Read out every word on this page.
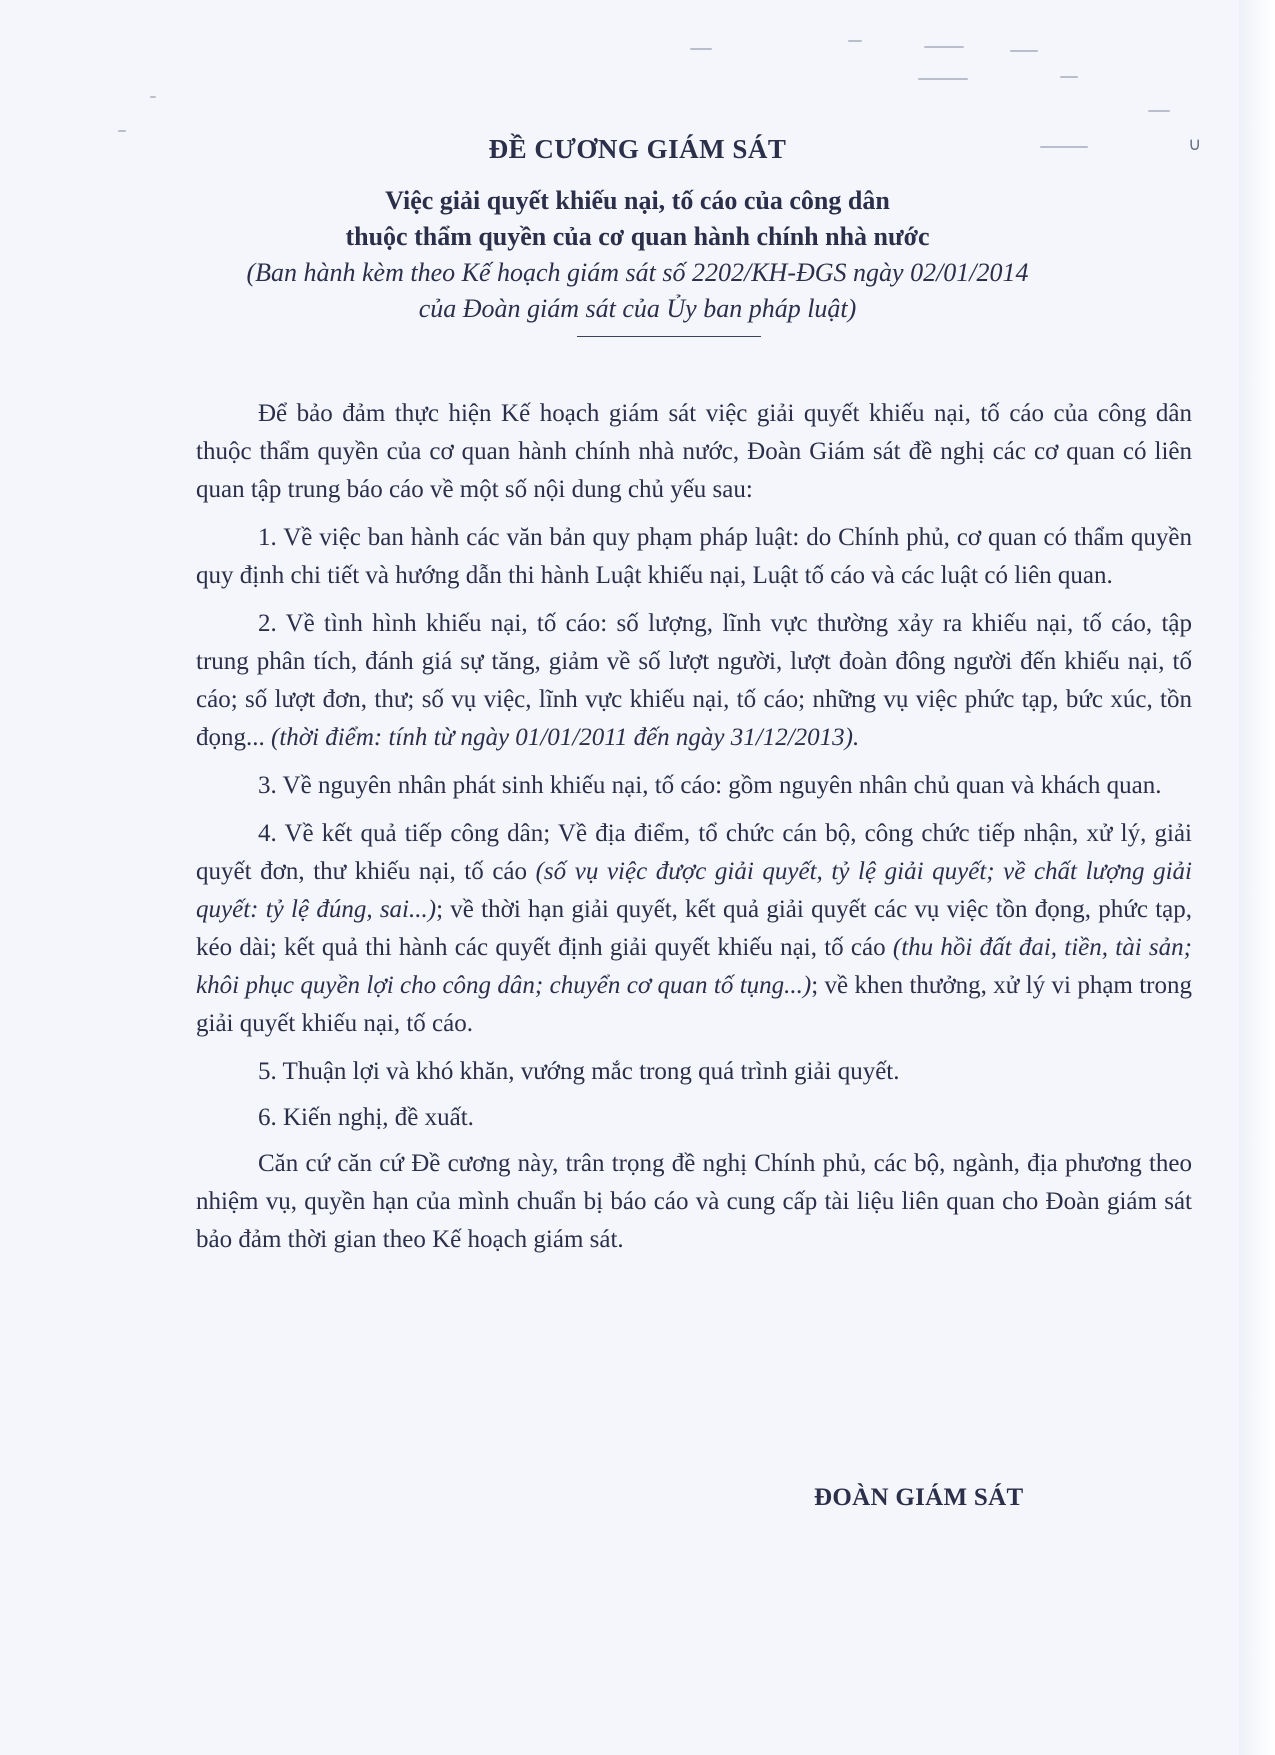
∪
ĐỀ CƯƠNG GIÁM SÁT
Việc giải quyết khiếu nại, tố cáo của công dân
thuộc thẩm quyền của cơ quan hành chính nhà nước
(Ban hành kèm theo Kế hoạch giám sát số 2202/KH-ĐGS ngày 02/01/2014
của Đoàn giám sát của Ủy ban pháp luật)

Để bảo đảm thực hiện Kế hoạch giám sát việc giải quyết khiếu nại, tố cáo của công dân thuộc thẩm quyền của cơ quan hành chính nhà nước, Đoàn Giám sát đề nghị các cơ quan có liên quan tập trung báo cáo về một số nội dung chủ yếu sau:

1. Về việc ban hành các văn bản quy phạm pháp luật: do Chính phủ, cơ quan có thẩm quyền quy định chi tiết và hướng dẫn thi hành Luật khiếu nại, Luật tố cáo và các luật có liên quan.

2. Về tình hình khiếu nại, tố cáo: số lượng, lĩnh vực thường xảy ra khiếu nại, tố cáo, tập trung phân tích, đánh giá sự tăng, giảm về số lượt người, lượt đoàn đông người đến khiếu nại, tố cáo; số lượt đơn, thư; số vụ việc, lĩnh vực khiếu nại, tố cáo; những vụ việc phức tạp, bức xúc, tồn đọng... (thời điểm: tính từ ngày 01/01/2011 đến ngày 31/12/2013).

3. Về nguyên nhân phát sinh khiếu nại, tố cáo: gồm nguyên nhân chủ quan và khách quan.

4. Về kết quả tiếp công dân; Về địa điểm, tổ chức cán bộ, công chức tiếp nhận, xử lý, giải quyết đơn, thư khiếu nại, tố cáo (số vụ việc được giải quyết, tỷ lệ giải quyết; về chất lượng giải quyết: tỷ lệ đúng, sai...); về thời hạn giải quyết, kết quả giải quyết các vụ việc tồn đọng, phức tạp, kéo dài; kết quả thi hành các quyết định giải quyết khiếu nại, tố cáo (thu hồi đất đai, tiền, tài sản; khôi phục quyền lợi cho công dân; chuyển cơ quan tố tụng...); về khen thưởng, xử lý vi phạm trong giải quyết khiếu nại, tố cáo.

5. Thuận lợi và khó khăn, vướng mắc trong quá trình giải quyết.

6. Kiến nghị, đề xuất.

Căn cứ căn cứ Đề cương này, trân trọng đề nghị Chính phủ, các bộ, ngành, địa phương theo nhiệm vụ, quyền hạn của mình chuẩn bị báo cáo và cung cấp tài liệu liên quan cho Đoàn giám sát bảo đảm thời gian theo Kế hoạch giám sát.

ĐOÀN GIÁM SÁT
